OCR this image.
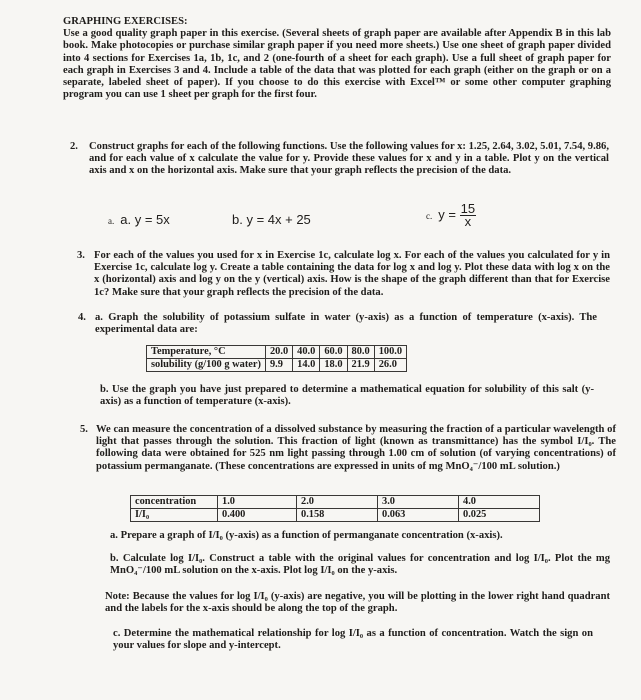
GRAPHING EXERCISES:
Use a good quality graph paper in this exercise. (Several sheets of graph paper are available after Appendix B in this lab book. Make photocopies or purchase similar graph paper if you need more sheets.) Use one sheet of graph paper divided into 4 sections for Exercises 1a, 1b, 1c, and 2 (one-fourth of a sheet for each graph). Use a full sheet of graph paper for each graph in Exercises 3 and 4. Include a table of the data that was plotted for each graph (either on the graph or on a separate, labeled sheet of paper). If you choose to do this exercise with Excel™ or some other computer graphing program you can use 1 sheet per graph for the first four.
2. Construct graphs for each of the following functions. Use the following values for x: 1.25, 2.64, 3.02, 5.01, 7.54, 9.86, and for each value of x calculate the value for y. Provide these values for x and y in a table. Plot y on the vertical axis and x on the horizontal axis. Make sure that your graph reflects the precision of the data.
a. a. y = 5x	b. y = 4x + 25	c. $y = \frac{15}{x}$
3. For each of the values you used for x in Exercise 1c, calculate log x. For each of the values you calculated for y in Exercise 1c, calculate log y. Create a table containing the data for log x and log y. Plot these data with log x on the x (horizontal) axis and log y on the y (vertical) axis. How is the shape of the graph different than that for Exercise 1c? Make sure that your graph reflects the precision of the data.
4. a. Graph the solubility of potassium sulfate in water (y-axis) as a function of temperature (x-axis). The experimental data are:
Temperature, °C	20.0	40.0	60.0	80.0	100.0
solubility (g/100 g water)	9.9	14.0	18.0	21.9	26.0
b. Use the graph you have just prepared to determine a mathematical equation for solubility of this salt (y-axis) as a function of temperature (x-axis).
5. We can measure the concentration of a dissolved substance by measuring the fraction of a particular wavelength of light that passes through the solution. This fraction of light (known as transmittance) has the symbol I/I₀. The following data were obtained for 525 nm light passing through 1.00 cm of solution (of varying concentrations) of potassium permanganate. (These concentrations are expressed in units of mg MnO₄⁻/100 mL solution.)
concentration	1.0	2.0	3.0	4.0
I/I₀	0.400	0.158	0.063	0.025
a. Prepare a graph of I/I₀ (y-axis) as a function of permanganate concentration (x-axis).
b. Calculate log I/I₀. Construct a table with the original values for concentration and log I/I₀. Plot the mg MnO₄⁻/100 mL solution on the x-axis. Plot log I/I₀ on the y-axis.
Note: Because the values for log I/I₀ (y-axis) are negative, you will be plotting in the lower right hand quadrant and the labels for the x-axis should be along the top of the graph.
c. Determine the mathematical relationship for log I/I₀ as a function of concentration. Watch the sign on your values for slope and y-intercept.
